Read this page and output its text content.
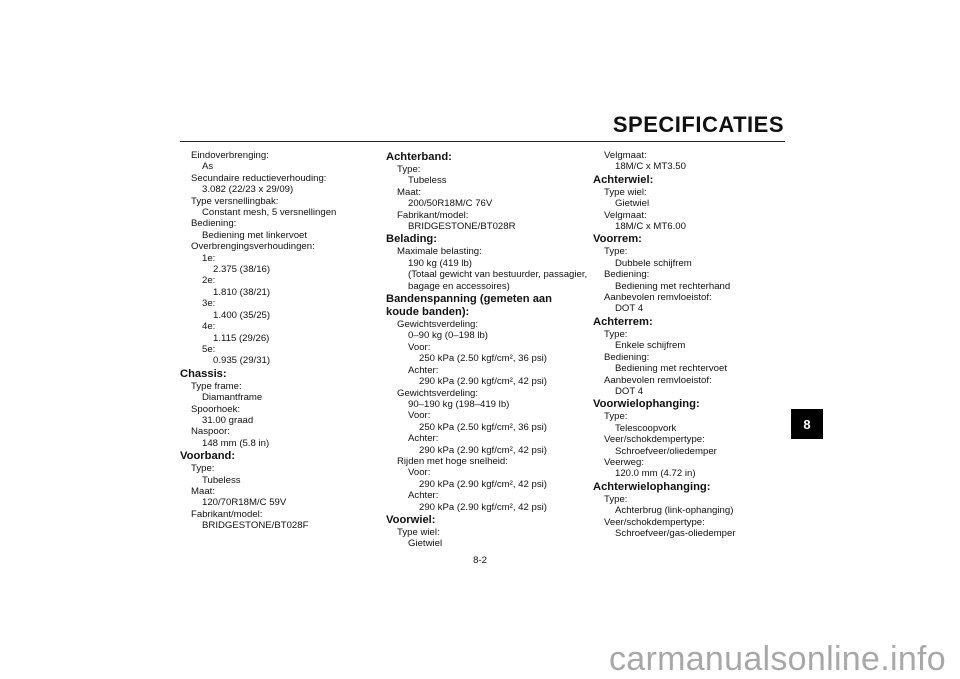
SPECIFICATIES
Eindoverbrenging:
As
Secundaire reductieverhouding:
3.082 (22/23 x 29/09)
Type versnellingbak:
Constant mesh, 5 versnellingen
Bediening:
Bediening met linkervoet
Overbrengingsverhoudingen:
1e:
2.375 (38/16)
2e:
1.810 (38/21)
3e:
1.400 (35/25)
4e:
1.115 (29/26)
5e:
0.935 (29/31)
Chassis:
Type frame:
Diamantframe
Spoorhoek:
31.00 graad
Naspoor:
148 mm (5.8 in)
Voorband:
Type:
Tubeless
Maat:
120/70R18M/C 59V
Fabrikant/model:
BRIDGESTONE/BT028F
Achterband:
Type:
Tubeless
Maat:
200/50R18M/C 76V
Fabrikant/model:
BRIDGESTONE/BT028R
Belading:
Maximale belasting:
190 kg (419 lb)
(Totaal gewicht van bestuurder, passagier,
bagage en accessoires)
Bandenspanning (gemeten aan koude banden):
Gewichtsverdeling:
0–90 kg (0–198 lb)
Voor:
250 kPa (2.50 kgf/cm², 36 psi)
Achter:
290 kPa (2.90 kgf/cm², 42 psi)
Gewichtsverdeling:
90–190 kg (198–419 lb)
Voor:
250 kPa (2.50 kgf/cm², 36 psi)
Achter:
290 kPa (2.90 kgf/cm², 42 psi)
Rijden met hoge snelheid:
Voor:
290 kPa (2.90 kgf/cm², 42 psi)
Achter:
290 kPa (2.90 kgf/cm², 42 psi)
Voorwiel:
Type wiel:
Gietwiel
Velgmaat:
18M/C x MT3.50
Achterwiel:
Type wiel:
Gietwiel
Velgmaat:
18M/C x MT6.00
Voorrem:
Type:
Dubbele schijfrem
Bediening:
Bediening met rechterhand
Aanbevolen remvloeistof:
DOT 4
Achterrem:
Type:
Enkele schijfrem
Bediening:
Bediening met rechtervoet
Aanbevolen remvloeistof:
DOT 4
Voorwielophanging:
Type:
Telescoopvork
Veer/schokdempertype:
Schroefveer/oliedemper
Veerweg:
120.0 mm (4.72 in)
Achterwielophanging:
Type:
Achterbrug (link-ophanging)
Veer/schokdempertype:
Schroefveer/gas-oliedemper
8
8-2
carmanualsonline.info
